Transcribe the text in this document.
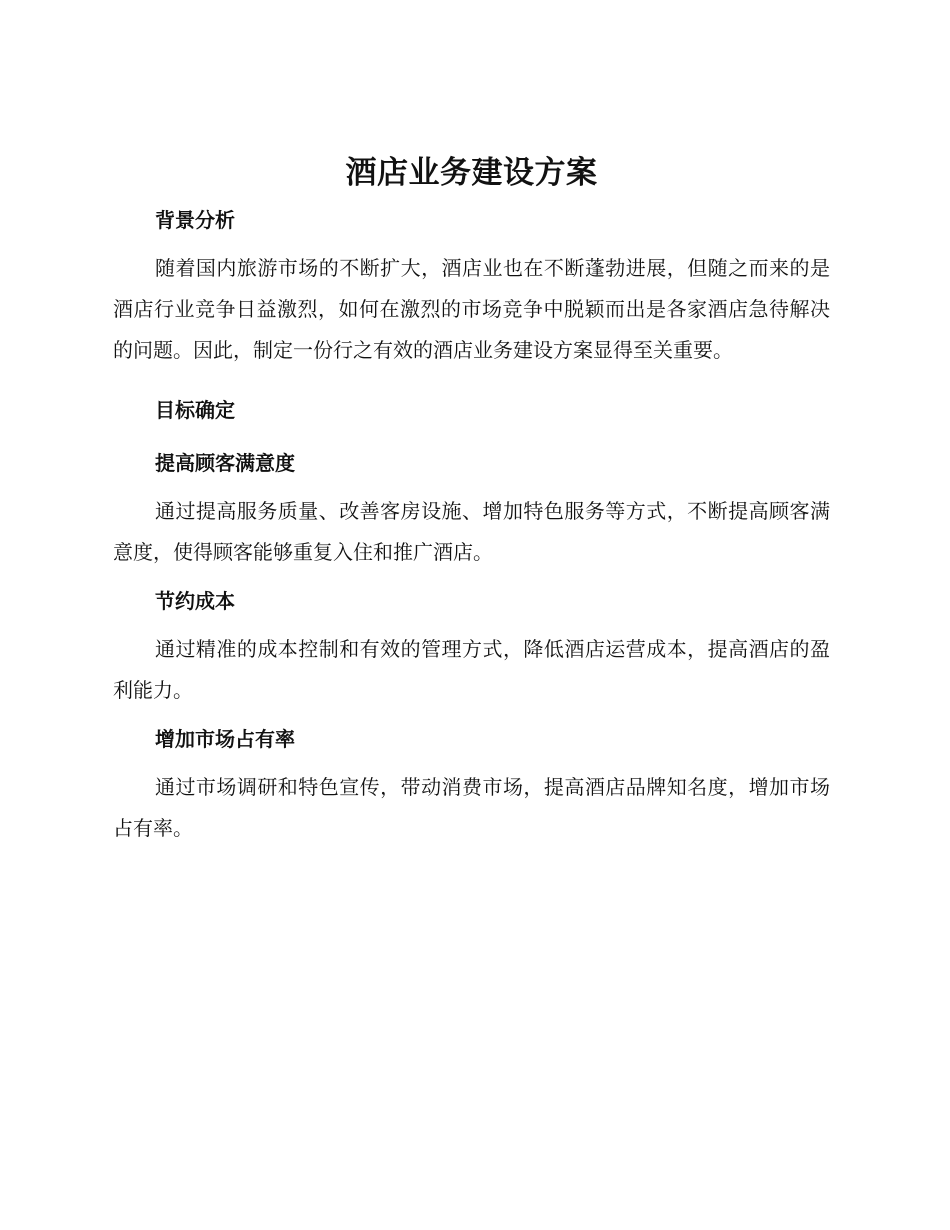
酒店业务建设方案
背景分析

随着国内旅游市场的不断扩大，酒店业也在不断蓬勃进展，但随之而来的是酒店行业竞争日益激烈，如何在激烈的市场竞争中脱颖而出是各家酒店急待解决的问题。因此，制定一份行之有效的酒店业务建设方案显得至关重要。

目标确定
提高顾客满意度

通过提高服务质量、改善客房设施、增加特色服务等方式，不断提高顾客满意度，使得顾客能够重复入住和推广酒店。

节约成本

通过精准的成本控制和有效的管理方式，降低酒店运营成本，提高酒店的盈利能力。

增加市场占有率

通过市场调研和特色宣传，带动消费市场，提高酒店品牌知名度，增加市场占有率。
